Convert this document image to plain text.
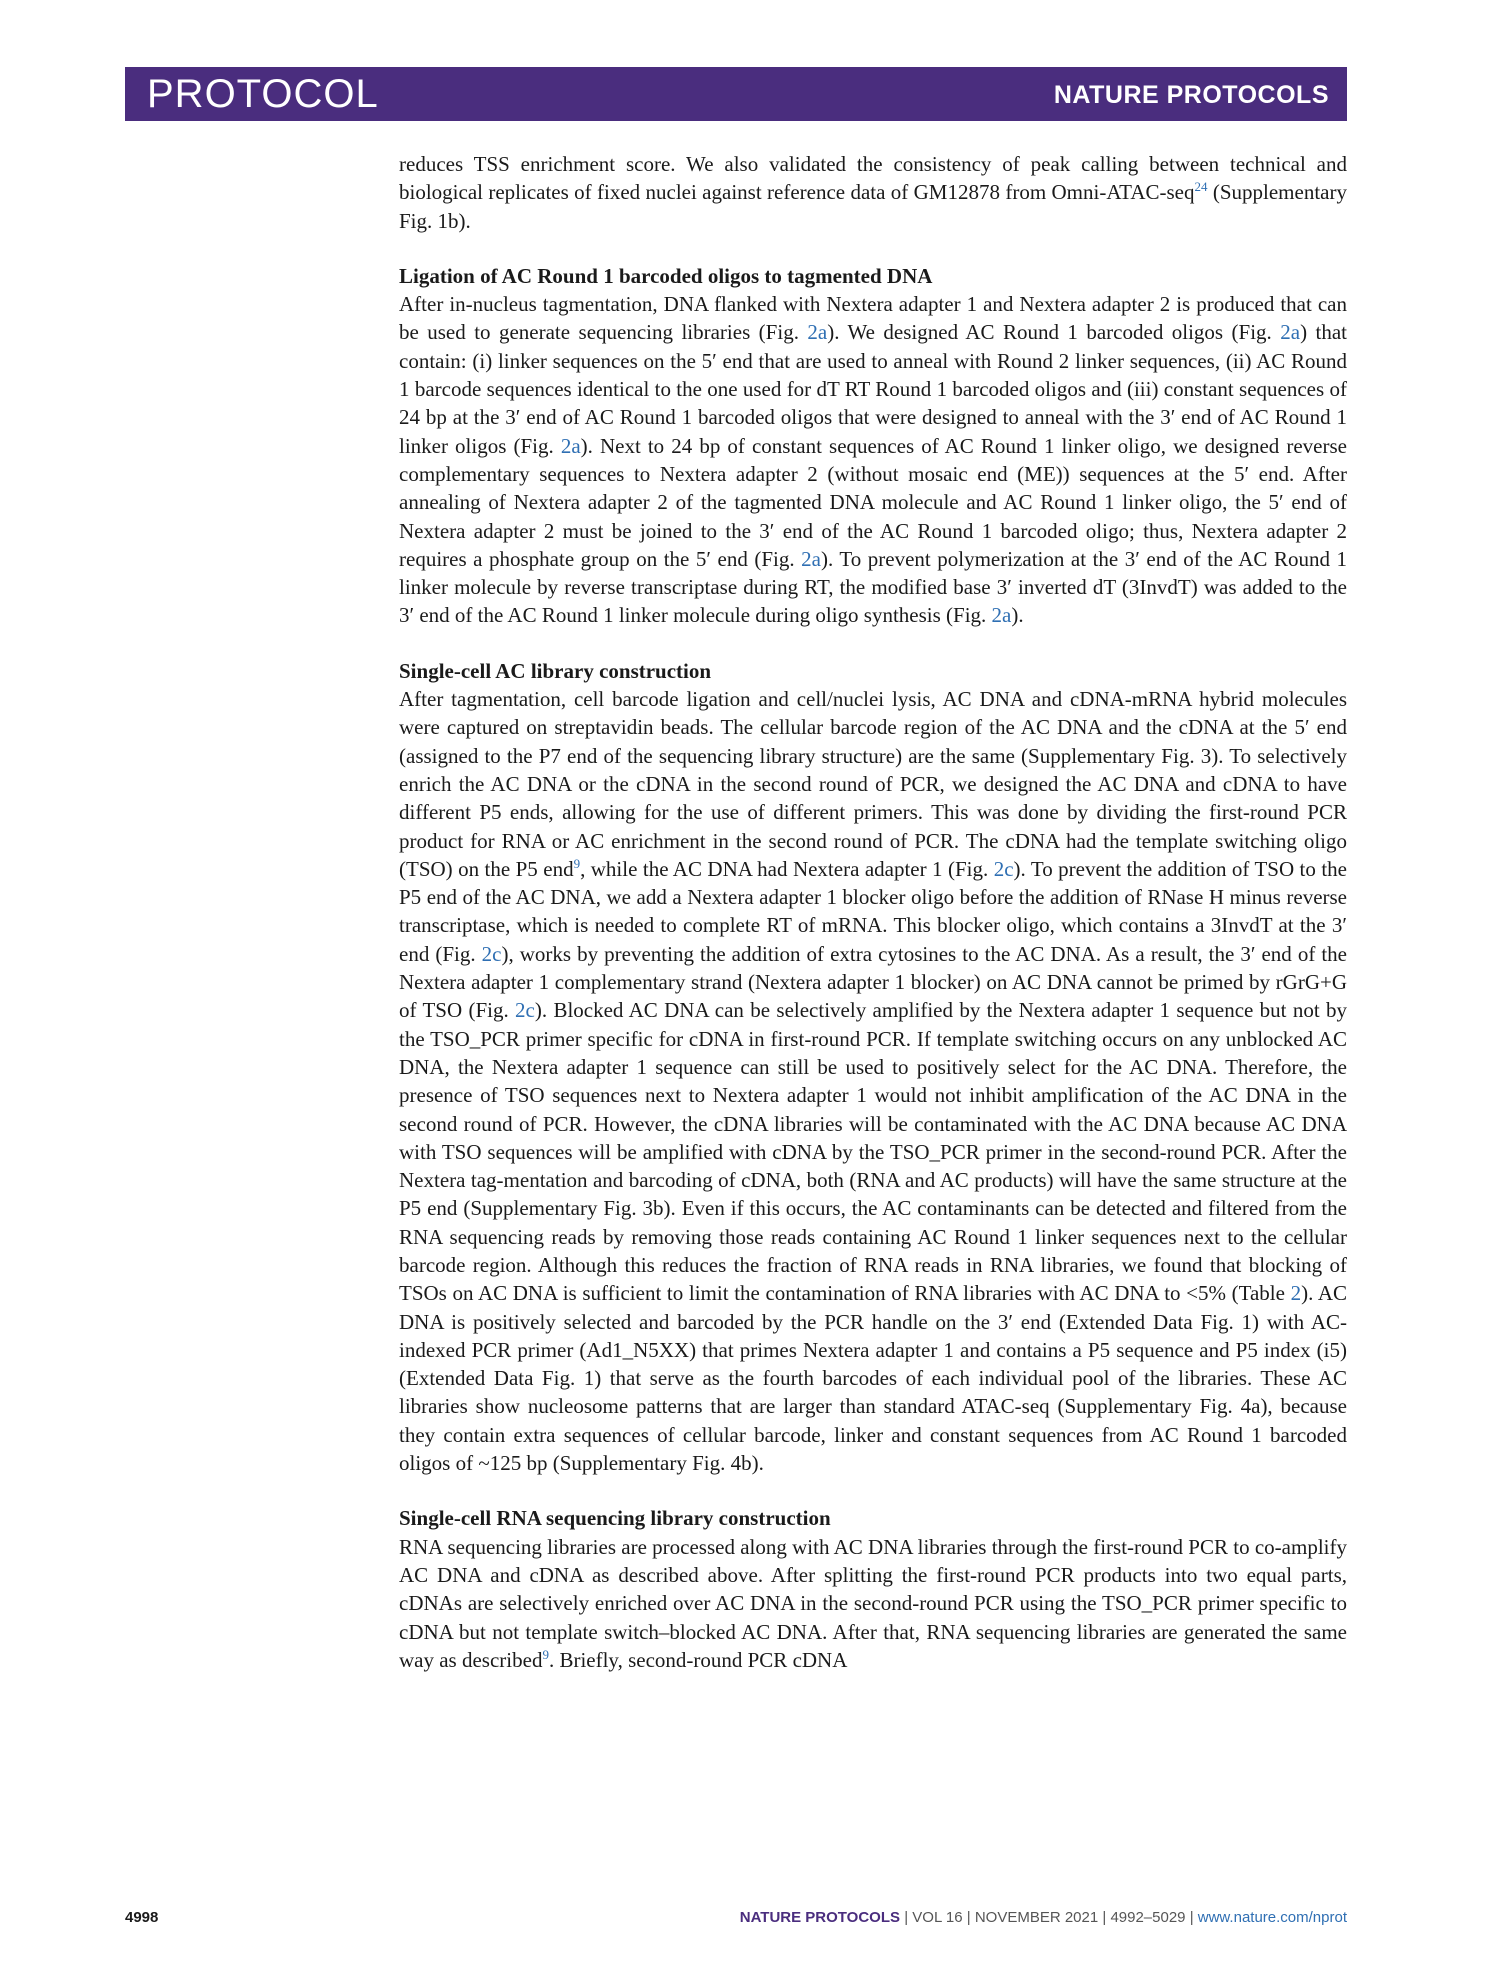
PROTOCOL	NATURE PROTOCOLS

reduces TSS enrichment score. We also validated the consistency of peak calling between technical and biological replicates of fixed nuclei against reference data of GM12878 from Omni-ATAC-seq$^{24}$ (Supplementary Fig. 1b).

Ligation of AC Round 1 barcoded oligos to tagmented DNA

After in-nucleus tagmentation, DNA flanked with Nextera adapter 1 and Nextera adapter 2 is produced that can be used to generate sequencing libraries (Fig. 2a). We designed AC Round 1 barcoded oligos (Fig. 2a) that contain: (i) linker sequences on the 5′ end that are used to anneal with Round 2 linker sequences, (ii) AC Round 1 barcode sequences identical to the one used for dT RT Round 1 barcoded oligos and (iii) constant sequences of 24 bp at the 3′ end of AC Round 1 barcoded oligos that were designed to anneal with the 3′ end of AC Round 1 linker oligos (Fig. 2a). Next to 24 bp of constant sequences of AC Round 1 linker oligo, we designed reverse complementary sequences to Nextera adapter 2 (without mosaic end (ME)) sequences at the 5′ end. After annealing of Nextera adapter 2 of the tagmented DNA molecule and AC Round 1 linker oligo, the 5′ end of Nextera adapter 2 must be joined to the 3′ end of the AC Round 1 barcoded oligo; thus, Nextera adapter 2 requires a phosphate group on the 5′ end (Fig. 2a). To prevent polymerization at the 3′ end of the AC Round 1 linker molecule by reverse transcriptase during RT, the modified base 3′ inverted dT (3InvdT) was added to the 3′ end of the AC Round 1 linker molecule during oligo synthesis (Fig. 2a).

Single-cell AC library construction

After tagmentation, cell barcode ligation and cell/nuclei lysis, AC DNA and cDNA-mRNA hybrid molecules were captured on streptavidin beads. The cellular barcode region of the AC DNA and the cDNA at the 5′ end (assigned to the P7 end of the sequencing library structure) are the same (Supplementary Fig. 3). To selectively enrich the AC DNA or the cDNA in the second round of PCR, we designed the AC DNA and cDNA to have different P5 ends, allowing for the use of different primers. This was done by dividing the first-round PCR product for RNA or AC enrichment in the second round of PCR. The cDNA had the template switching oligo (TSO) on the P5 end$^9$, while the AC DNA had Nextera adapter 1 (Fig. 2c). To prevent the addition of TSO to the P5 end of the AC DNA, we add a Nextera adapter 1 blocker oligo before the addition of RNase H minus reverse transcriptase, which is needed to complete RT of mRNA. This blocker oligo, which contains a 3InvdT at the 3′ end (Fig. 2c), works by preventing the addition of extra cytosines to the AC DNA. As a result, the 3′ end of the Nextera adapter 1 complementary strand (Nextera adapter 1 blocker) on AC DNA cannot be primed by rGrG+G of TSO (Fig. 2c). Blocked AC DNA can be selectively amplified by the Nextera adapter 1 sequence but not by the TSO_PCR primer specific for cDNA in first-round PCR. If template switching occurs on any unblocked AC DNA, the Nextera adapter 1 sequence can still be used to positively select for the AC DNA. Therefore, the presence of TSO sequences next to Nextera adapter 1 would not inhibit amplification of the AC DNA in the second round of PCR. However, the cDNA libraries will be contaminated with the AC DNA because AC DNA with TSO sequences will be amplified with cDNA by the TSO_PCR primer in the second-round PCR. After the Nextera tag-mentation and barcoding of cDNA, both (RNA and AC products) will have the same structure at the P5 end (Supplementary Fig. 3b). Even if this occurs, the AC contaminants can be detected and filtered from the RNA sequencing reads by removing those reads containing AC Round 1 linker sequences next to the cellular barcode region. Although this reduces the fraction of RNA reads in RNA libraries, we found that blocking of TSOs on AC DNA is sufficient to limit the contamination of RNA libraries with AC DNA to <5% (Table 2). AC DNA is positively selected and barcoded by the PCR handle on the 3′ end (Extended Data Fig. 1) with AC-indexed PCR primer (Ad1_N5XX) that primes Nextera adapter 1 and contains a P5 sequence and P5 index (i5) (Extended Data Fig. 1) that serve as the fourth barcodes of each individual pool of the libraries. These AC libraries show nucleosome patterns that are larger than standard ATAC-seq (Supplementary Fig. 4a), because they contain extra sequences of cellular barcode, linker and constant sequences from AC Round 1 barcoded oligos of ~125 bp (Supplementary Fig. 4b).

Single-cell RNA sequencing library construction

RNA sequencing libraries are processed along with AC DNA libraries through the first-round PCR to co-amplify AC DNA and cDNA as described above. After splitting the first-round PCR products into two equal parts, cDNAs are selectively enriched over AC DNA in the second-round PCR using the TSO_PCR primer specific to cDNA but not template switch–blocked AC DNA. After that, RNA sequencing libraries are generated the same way as described$^9$. Briefly, second-round PCR cDNA

4998	NATURE PROTOCOLS | VOL 16 | NOVEMBER 2021 | 4992–5029 | www.nature.com/nprot
